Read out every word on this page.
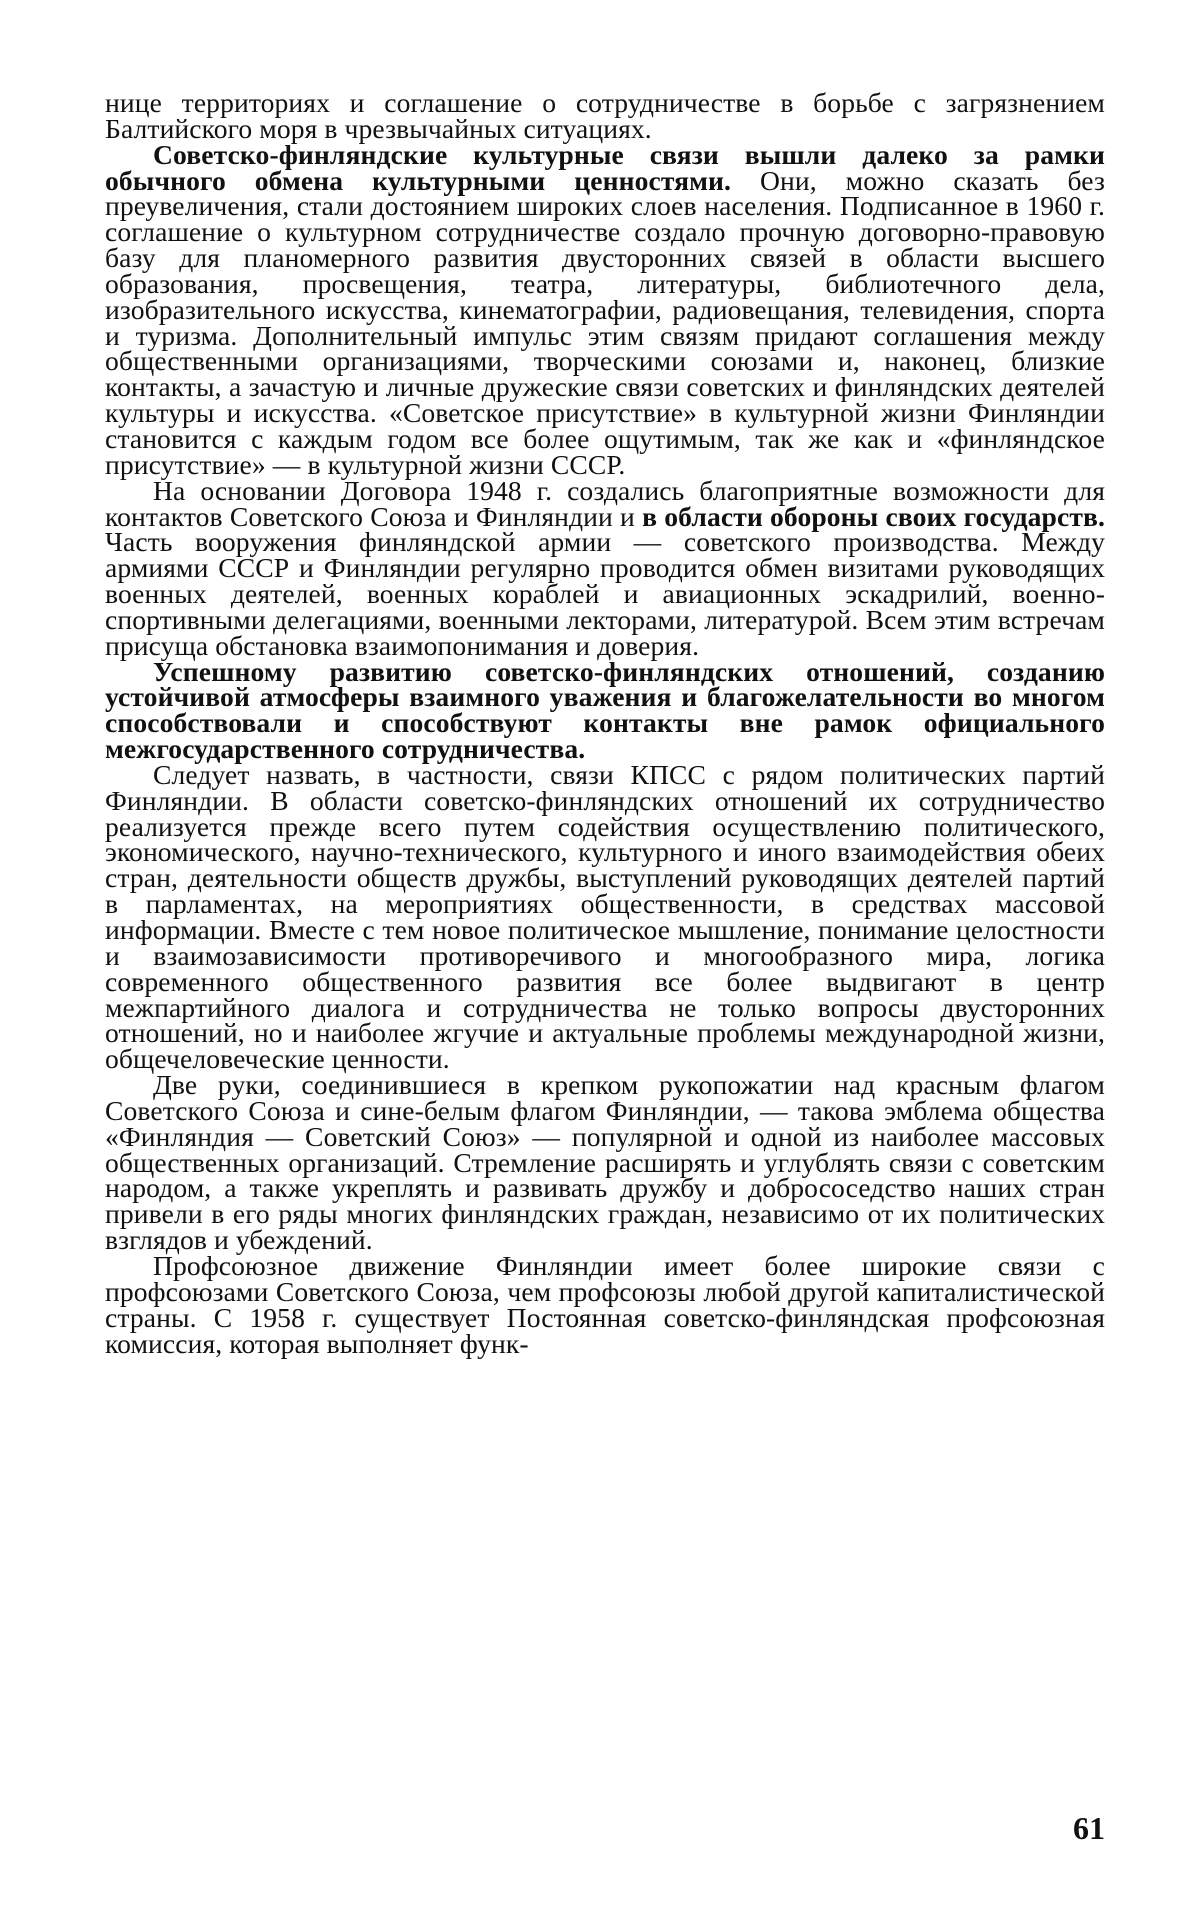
нице территориях и соглашение о сотрудничестве в борьбе с загрязнением Балтийского моря в чрезвычайных ситуациях.

Советско-финляндские культурные связи вышли далеко за рамки обычного обмена культурными ценностями. Они, можно сказать без преувеличения, стали достоянием широких слоев населения. Подписанное в 1960 г. соглашение о культурном сотрудничестве создало прочную договорно-правовую базу для планомерного развития двусторонних связей в области высшего образования, просвещения, театра, литературы, библиотечного дела, изобразительного искусства, кинематографии, радиовещания, телевидения, спорта и туризма. Дополнительный импульс этим связям придают соглашения между общественными организациями, творческими союзами и, наконец, близкие контакты, а зачастую и личные дружеские связи советских и финляндских деятелей культуры и искусства. «Советское присутствие» в культурной жизни Финляндии становится с каждым годом все более ощутимым, так же как и «финляндское присутствие» — в культурной жизни СССР.

На основании Договора 1948 г. создались благоприятные возможности для контактов Советского Союза и Финляндии и в области обороны своих государств. Часть вооружения финляндской армии — советского производства. Между армиями СССР и Финляндии регулярно проводится обмен визитами руководящих военных деятелей, военных кораблей и авиационных эскадрилий, военно-спортивными делегациями, военными лекторами, литературой. Всем этим встречам присуща обстановка взаимопонимания и доверия.

Успешному развитию советско-финляндских отношений, созданию устойчивой атмосферы взаимного уважения и благожелательности во многом способствовали и способствуют контакты вне рамок официального межгосударственного сотрудничества.

Следует назвать, в частности, связи КПСС с рядом политических партий Финляндии. В области советско-финляндских отношений их сотрудничество реализуется прежде всего путем содействия осуществлению политического, экономического, научно-технического, культурного и иного взаимодействия обеих стран, деятельности обществ дружбы, выступлений руководящих деятелей партий в парламентах, на мероприятиях общественности, в средствах массовой информации. Вместе с тем новое политическое мышление, понимание целостности и взаимозависимости противоречивого и многообразного мира, логика современного общественного развития все более выдвигают в центр межпартийного диалога и сотрудничества не только вопросы двусторонних отношений, но и наиболее жгучие и актуальные проблемы международной жизни, общечеловеческие ценности.

Две руки, соединившиеся в крепком рукопожатии над красным флагом Советского Союза и сине-белым флагом Финляндии, — такова эмблема общества «Финляндия — Советский Союз» — популярной и одной из наиболее массовых общественных организаций. Стремление расширять и углублять связи с советским народом, а также укреплять и развивать дружбу и добрососедство наших стран привели в его ряды многих финляндских граждан, независимо от их политических взглядов и убеждений.

Профсоюзное движение Финляндии имеет более широкие связи с профсоюзами Советского Союза, чем профсоюзы любой другой капиталистической страны. С 1958 г. существует Постоянная советско-финляндская профсоюзная комиссия, которая выполняет функ-

61
